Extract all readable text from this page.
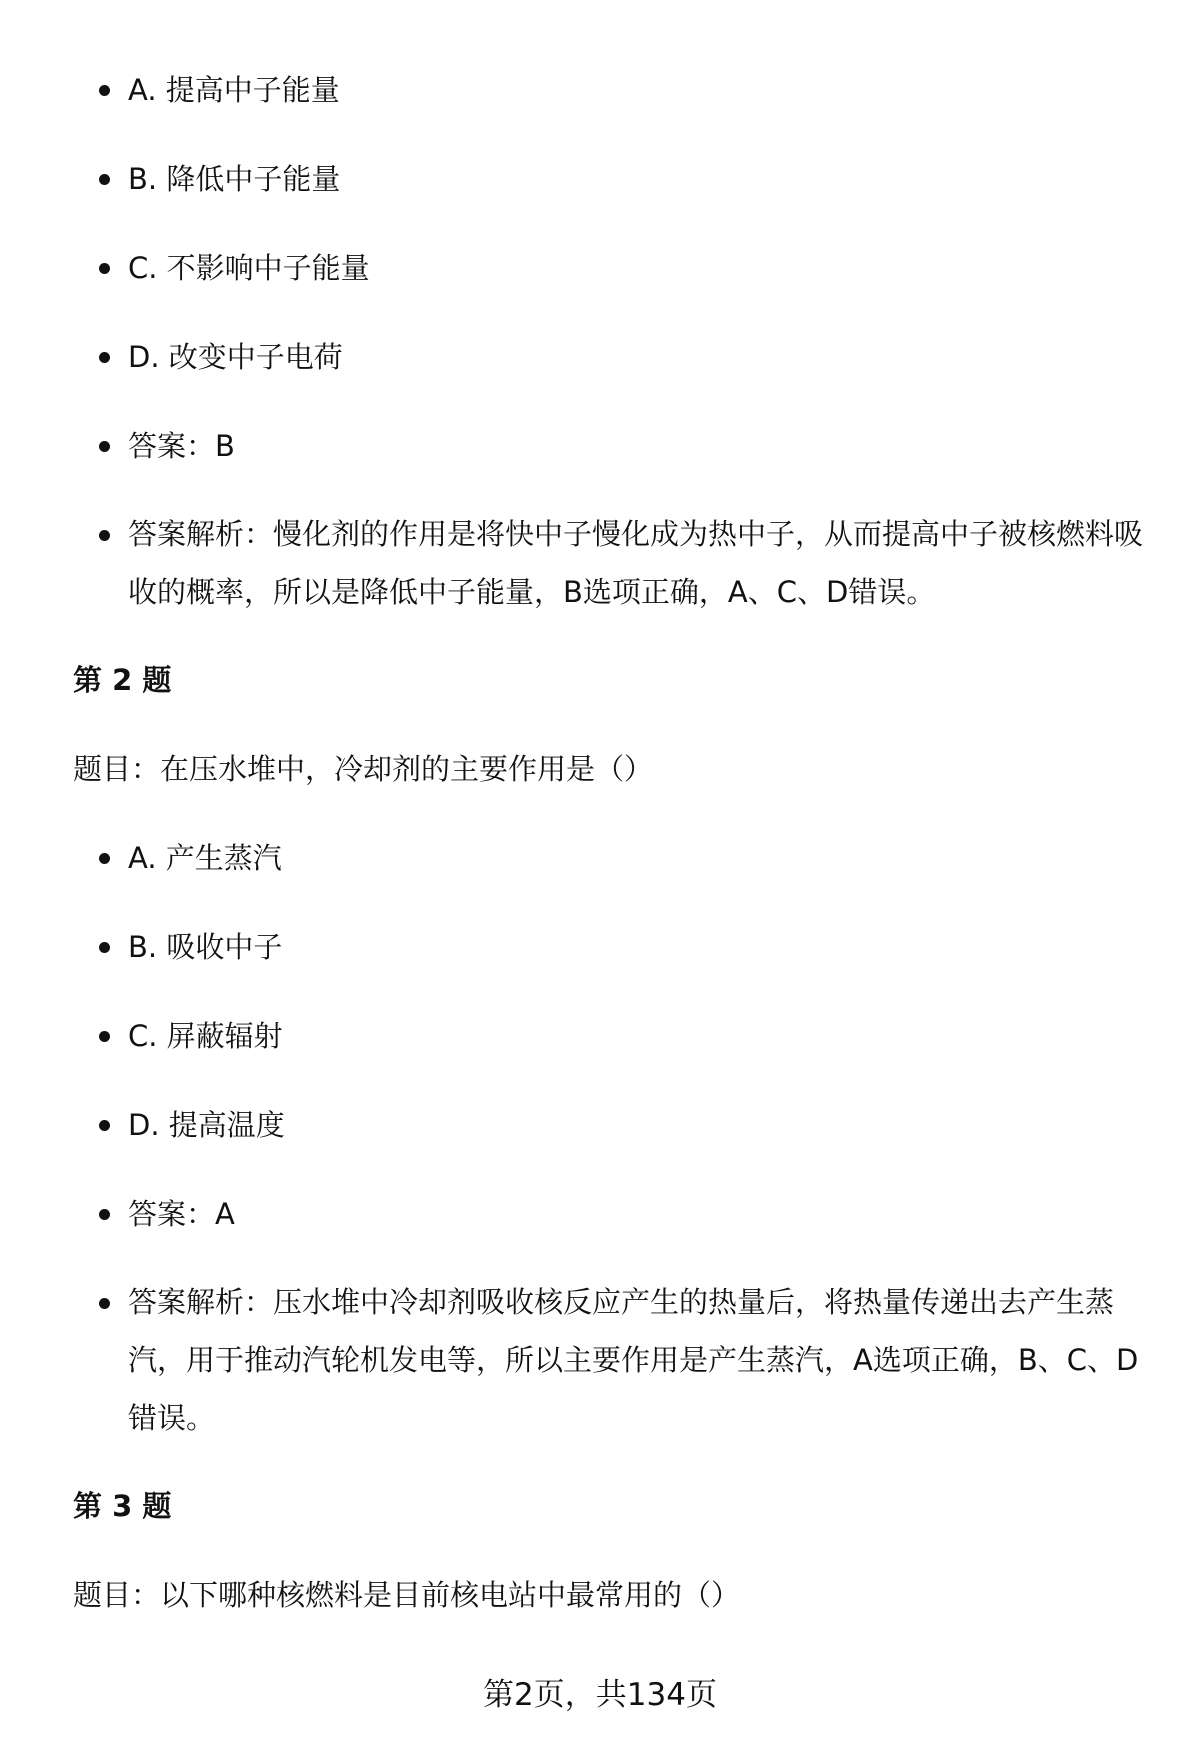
A. 提高中子能量
B. 降低中子能量
C. 不影响中子能量
D. 改变中子电荷
答案：B
答案解析：慢化剂的作用是将快中子慢化成为热中子，从而提高中子被核燃料吸收的概率，所以是降低中子能量，B选项正确，A、C、D错误。
第 2 题
题目：在压水堆中，冷却剂的主要作用是（）
A. 产生蒸汽
B. 吸收中子
C. 屏蔽辐射
D. 提高温度
答案：A
答案解析：压水堆中冷却剂吸收核反应产生的热量后，将热量传递出去产生蒸汽，用于推动汽轮机发电等，所以主要作用是产生蒸汽，A选项正确，B、C、D错误。
第 3 题
题目：以下哪种核燃料是目前核电站中最常用的（）
第2页，共134页
